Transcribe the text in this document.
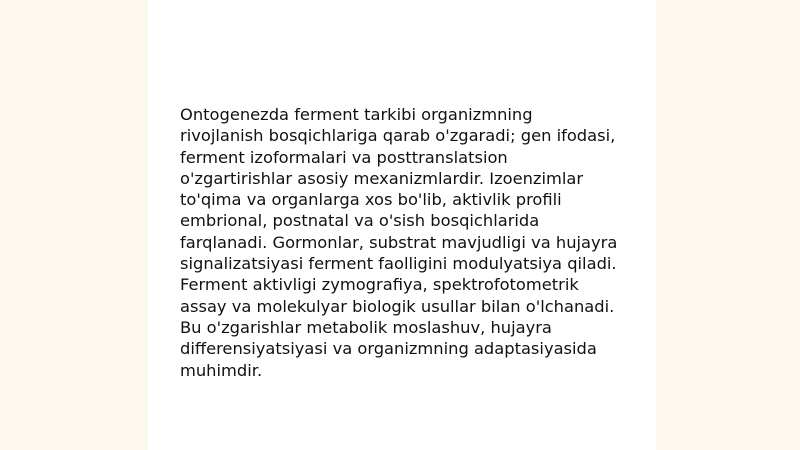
Ontogenezda ferment tarkibi organizmning
rivojlanish bosqichlariga qarab o'zgaradi; gen ifodasi,
ferment izoformalari va posttranslatsion
o'zgartirishlar asosiy mexanizmlardir. Izoenzimlar
to'qima va organlarga xos bo'lib, aktivlik profili
embrional, postnatal va o'sish bosqichlarida
farqlanadi. Gormonlar, substrat mavjudligi va hujayra
signalizatsiyasi ferment faolligini modulyatsiya qiladi.
Ferment aktivligi zymografiya, spektrofotometrik
assay va molekulyar biologik usullar bilan o'lchanadi.
Bu o'zgarishlar metabolik moslashuv, hujayra
differensiyatsiyasi va organizmning adaptasiyasida
muhimdir.
